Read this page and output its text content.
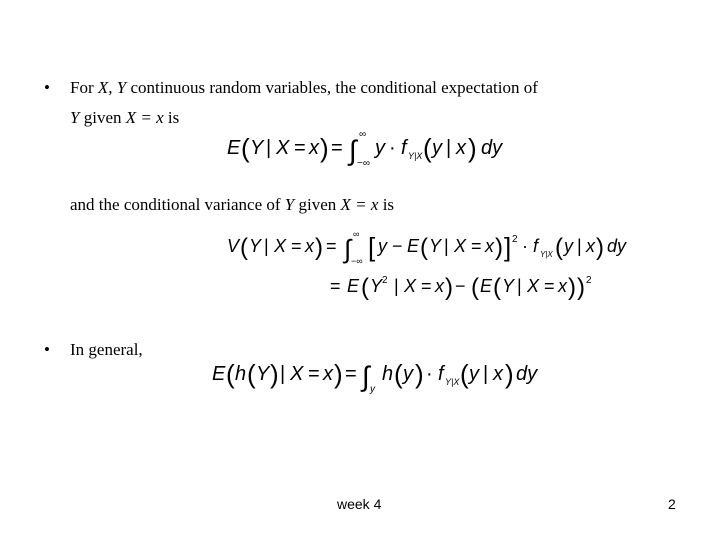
• For X, Y continuous random variables, the conditional expectation of
Y given X = x is
E ( Y | X = x ) = ∫
∞
−∞
y · f Y|X ( y | x ) dy
and the conditional variance of Y given X = x is
V ( Y | X = x ) = ∫ ∞
−∞ [ y − E ( Y | X = x ) ] 2 · f Y|X ( y | x ) dy
= E ( Y 2 | X = x ) − ( E ( Y | X = x ) ) 2
• In general,
E ( h ( Y ) | X = x ) = ∫ y
h ( y ) · f Y|X ( y | x ) dy
week 4	2
